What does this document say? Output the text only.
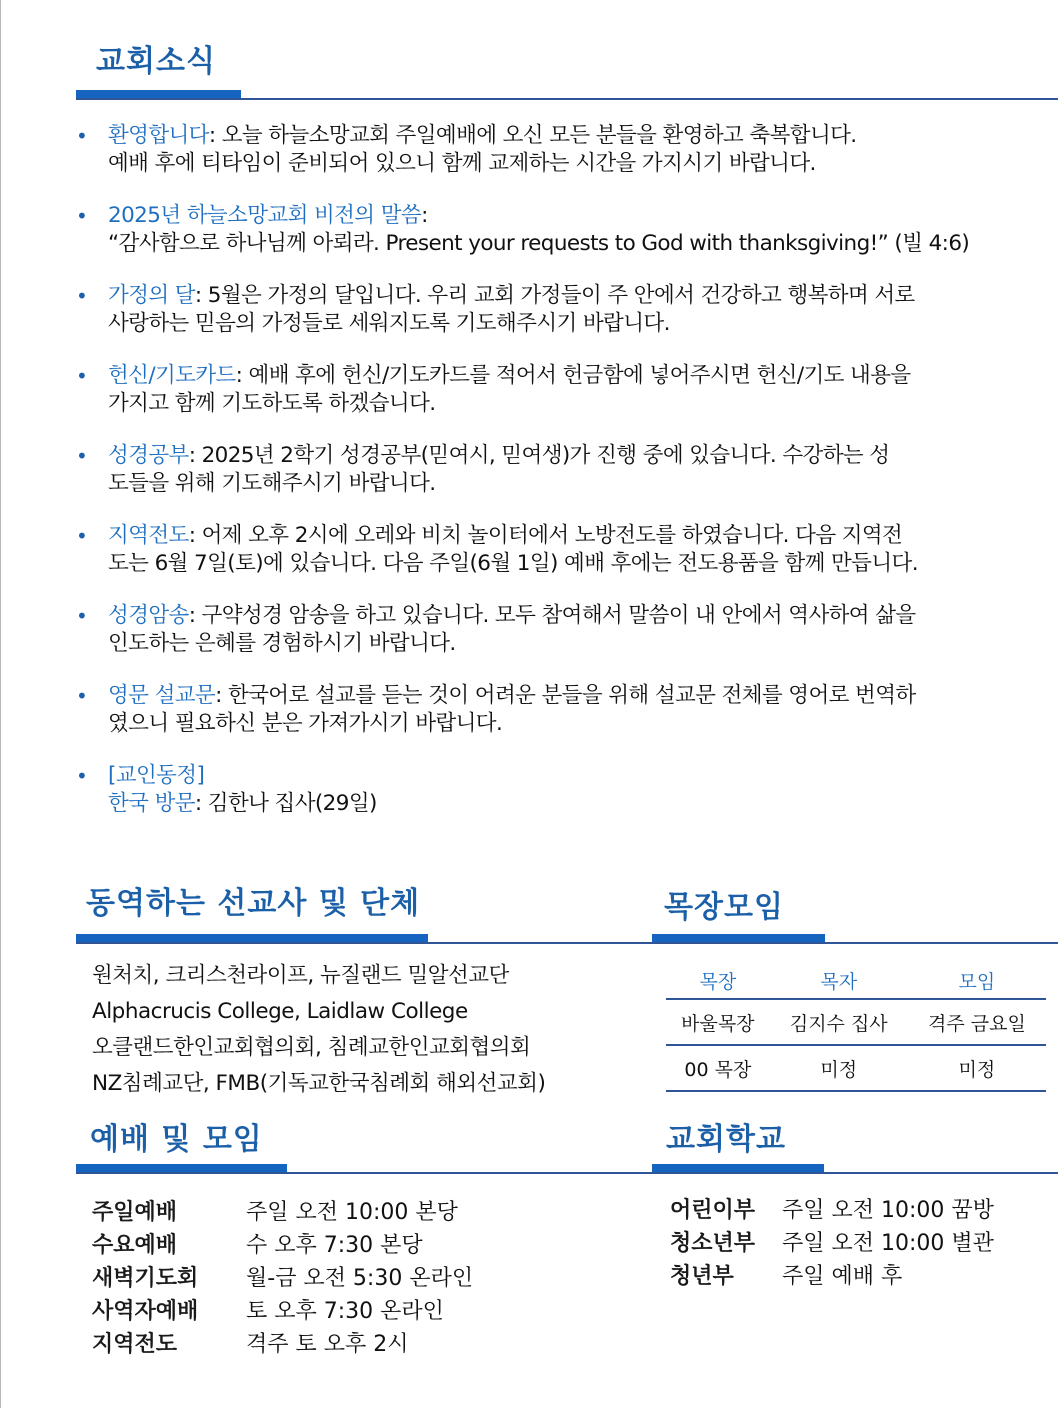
교회소식
• 환영합니다: 오늘 하늘소망교회 주일예배에 오신 모든 분들을 환영하고 축복합니다.
예배 후에 티타임이 준비되어 있으니 함께 교제하는 시간을 가지시기 바랍니다.
• 2025년 하늘소망교회 비전의 말씀:
“감사함으로 하나님께 아뢰라. Present your requests to God with thanksgiving!” (빌 4:6)
• 가정의 달: 5월은 가정의 달입니다. 우리 교회 가정들이 주 안에서 건강하고 행복하며 서로
사랑하는 믿음의 가정들로 세워지도록 기도해주시기 바랍니다.
• 헌신/기도카드: 예배 후에 헌신/기도카드를 적어서 헌금함에 넣어주시면 헌신/기도 내용을
가지고 함께 기도하도록 하겠습니다.
• 성경공부: 2025년 2학기 성경공부(믿여시, 믿여생)가 진행 중에 있습니다. 수강하는 성
도들을 위해 기도해주시기 바랍니다.
• 지역전도: 어제 오후 2시에 오레와 비치 놀이터에서 노방전도를 하였습니다. 다음 지역전
도는 6월 7일(토)에 있습니다. 다음 주일(6월 1일) 예배 후에는 전도용품을 함께 만듭니다.
• 성경암송: 구약성경 암송을 하고 있습니다. 모두 참여해서 말씀이 내 안에서 역사하여 삶을
인도하는 은혜를 경험하시기 바랍니다.
• 영문 설교문: 한국어로 설교를 듣는 것이 어려운 분들을 위해 설교문 전체를 영어로 번역하
였으니 필요하신 분은 가져가시기 바랍니다.
• [교인동정]
한국 방문: 김한나 집사(29일)
동역하는 선교사 및 단체
원처치, 크리스천라이프, 뉴질랜드 밀알선교단
Alphacrucis College, Laidlaw College
오클랜드한인교회협의회, 침례교한인교회협의회
NZ침례교단, FMB(기독교한국침례회 해외선교회)
목장모임
목장	목자	모임
바울목장	김지수 집사	격주 금요일
00 목장	미정	미정
예배 및 모임
주일예배	주일 오전 10:00 본당
수요예배	수 오후 7:30 본당
새벽기도회	월-금 오전 5:30 온라인
사역자예배	토 오후 7:30 온라인
지역전도	격주 토 오후 2시
교회학교
어린이부	주일 오전 10:00 꿈방
청소년부	주일 오전 10:00 별관
청년부	주일 예배 후
